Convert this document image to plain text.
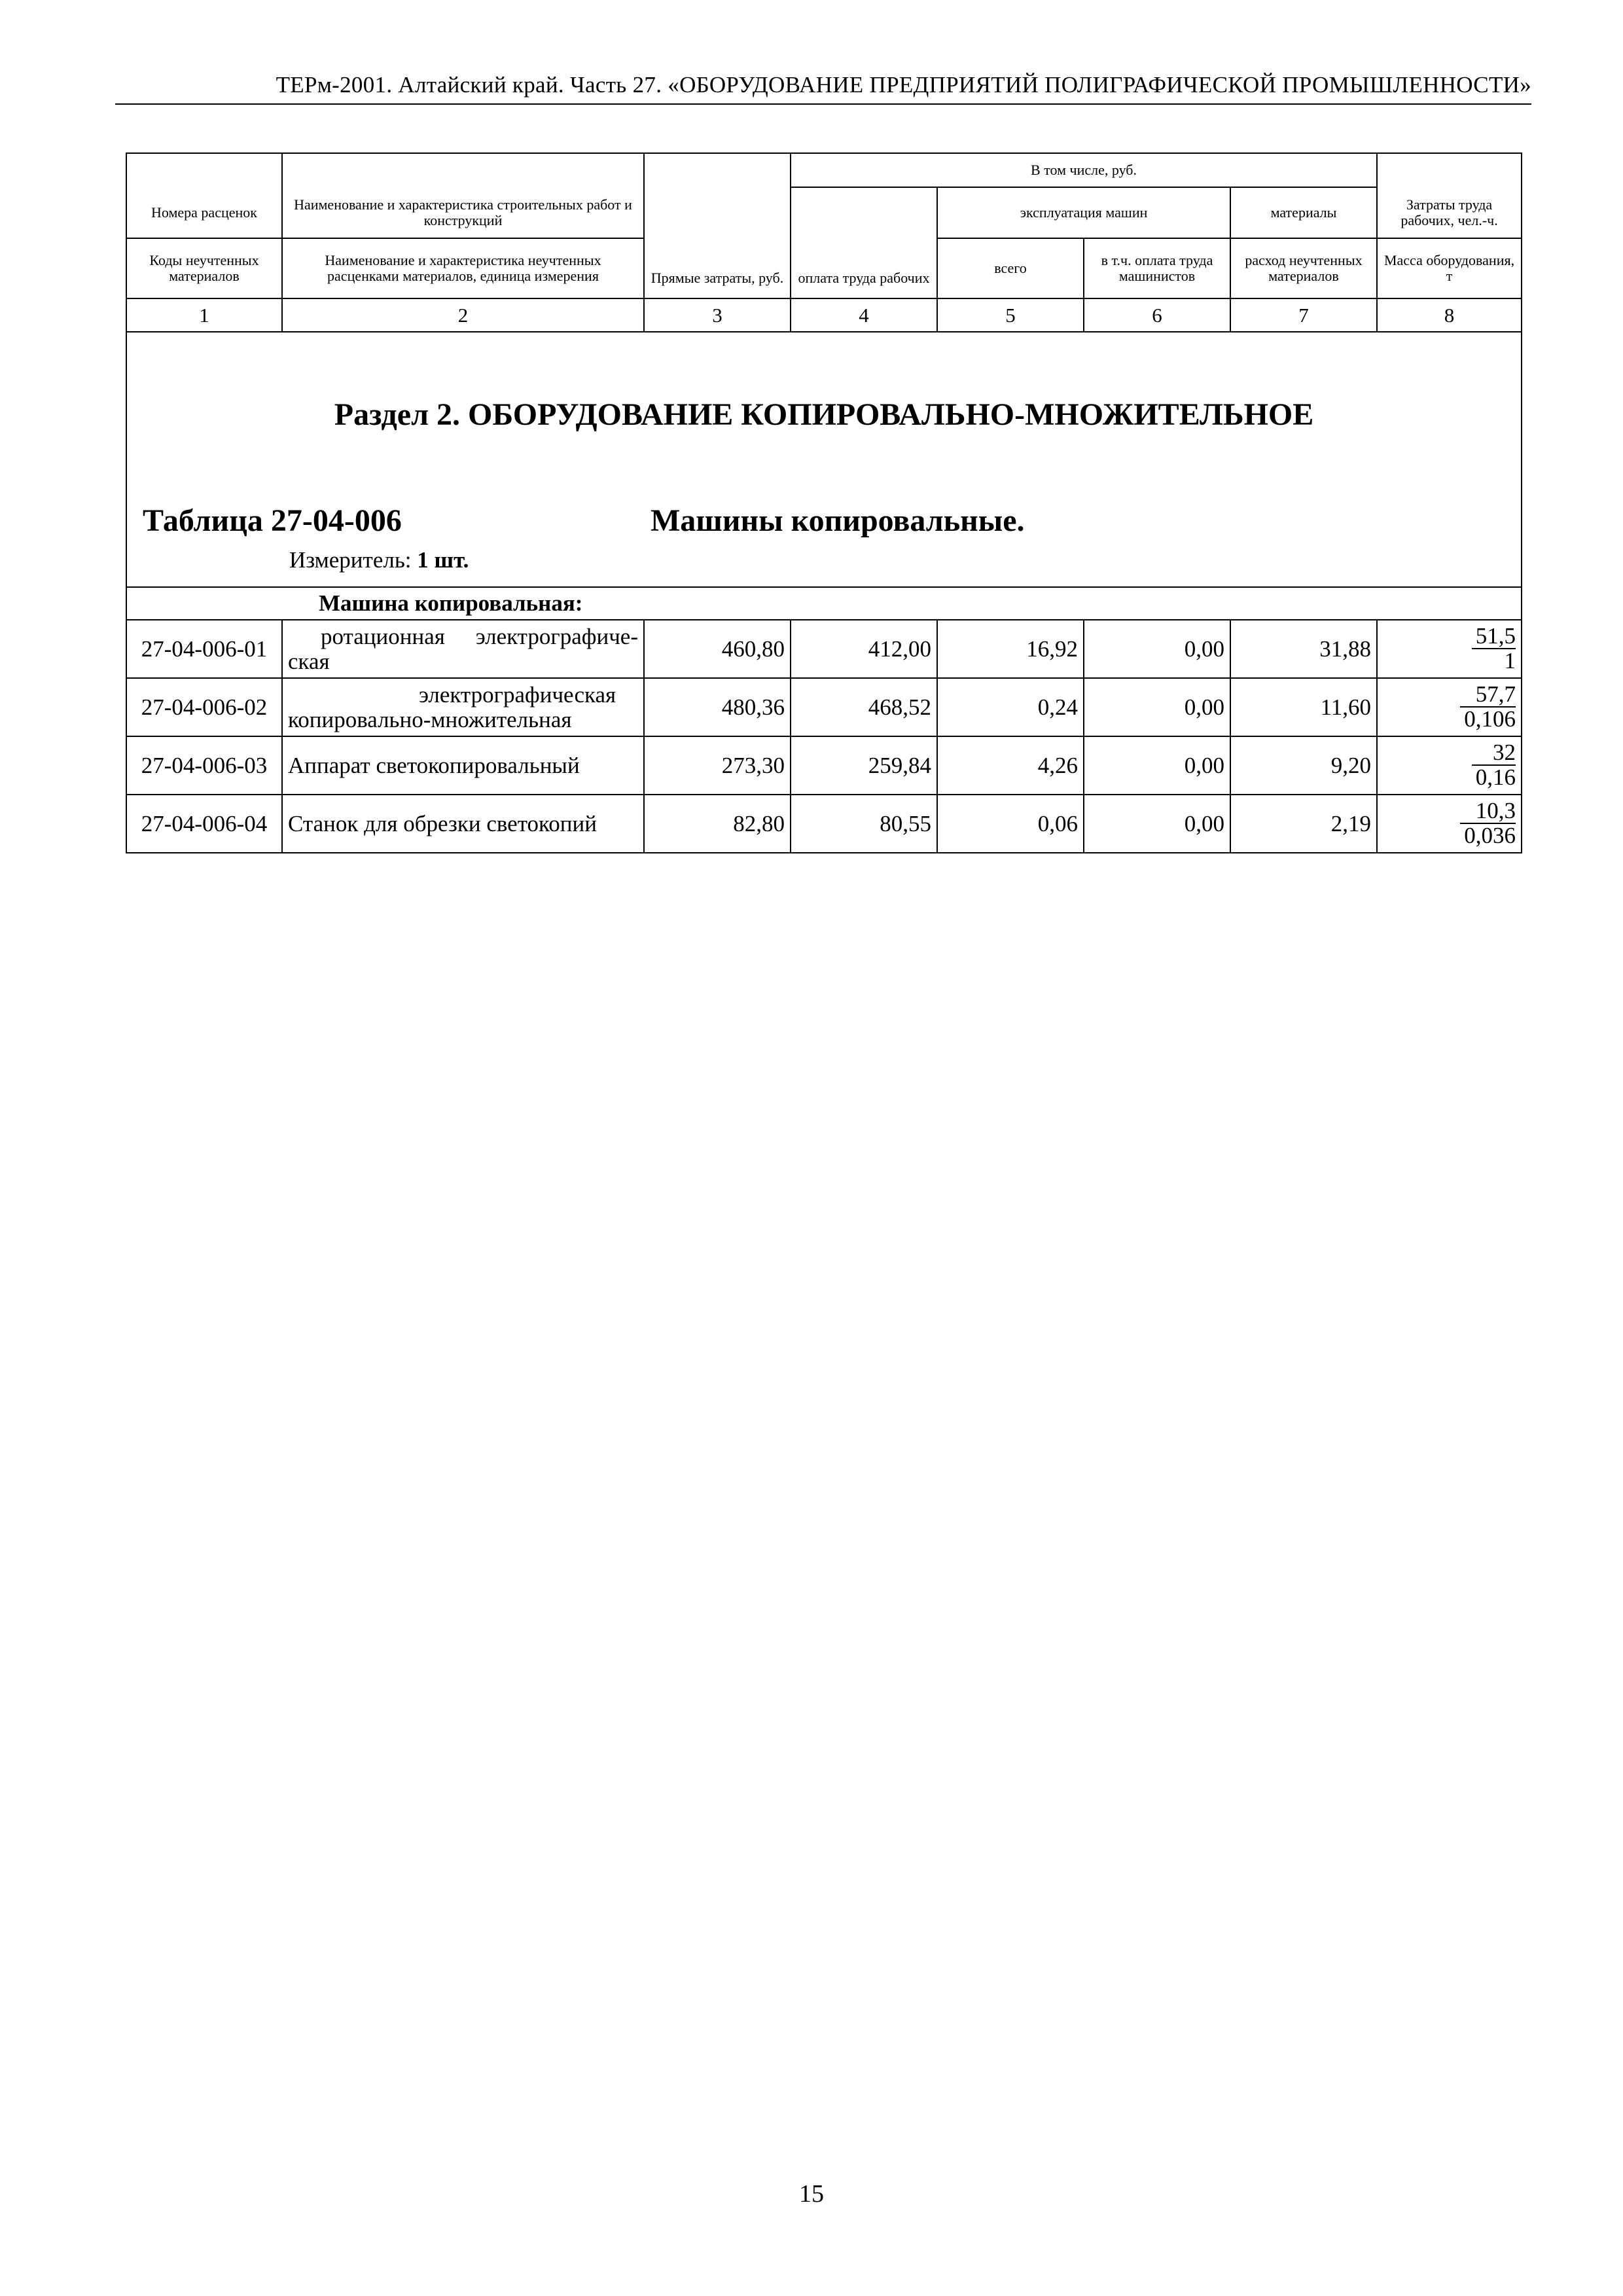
ТЕРм-2001. Алтайский край. Часть 27. «ОБОРУДОВАНИЕ ПРЕДПРИЯТИЙ ПОЛИГРАФИЧЕСКОЙ ПРОМЫШЛЕННОСТИ»
			В том числе, руб.				
Номера расценок	Наименование и характеристика строительных работ и конструкций	Прямые затраты, руб.	оплата труда рабочих	эксплуатация машин		материалы	Затраты труда рабочих, чел.-ч.
Коды неучтенных материалов	Наименование и характеристика неучтенных расценками материалов, единица измерения			всего	в т.ч. оплата труда машинистов	расход неучтенных материалов	Масса оборудования, т
1	2	3	4	5	6	7	8

Раздел 2. ОБОРУДОВАНИЕ КОПИРОВАЛЬНО-МНОЖИТЕЛЬНОЕ
Таблица 27-04-006 Машины копировальные.
Измеритель: 1 шт.							

	Машина копировальная:						
27-04-006-01	ротационная электрографиче-ская	460,80	412,00	16,92	0,00	31,88	$\frac{51,5}{1}$

27-04-006-02	электрографическая копировально-множительная	480,36	468,52	0,24	0,00	11,60	$\frac{57,7}{0,106}$

27-04-006-03	Аппарат светокопировальный	273,30	259,84	4,26	0,00	9,20	$\frac{32}{0,16}$

27-04-006-04	Станок для обрезки светокопий	82,80	80,55	0,06	0,00	2,19	$\frac{10,3}{0,036}$
15
